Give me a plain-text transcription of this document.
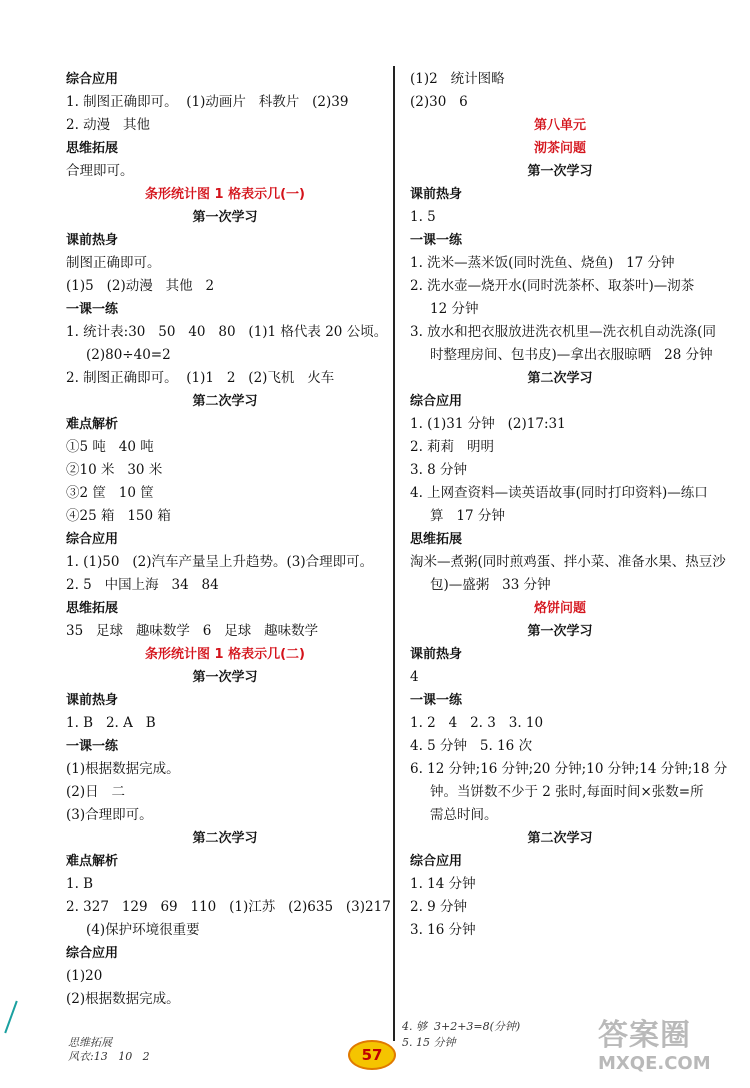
综合应用
1. 制图正确即可。  (1)动画片   科教片   (2)39
2. 动漫   其他
思维拓展
合理即可。
条形统计图 1 格表示几(一)
第一次学习
课前热身
制图正确即可。
(1)5   (2)动漫   其他   2
一课一练
1. 统计表:30   50   40   80   (1)1 格代表 20 公顷。
(2)80÷40=2
2. 制图正确即可。  (1)1   2   (2)飞机   火车
第二次学习
难点解析
①5 吨   40 吨
②10 米   30 米
③2 筐   10 筐
④25 箱   150 箱
综合应用
1. (1)50   (2)汽车产量呈上升趋势。(3)合理即可。
2. 5   中国上海   34   84
思维拓展
35   足球   趣味数学   6   足球   趣味数学
条形统计图 1 格表示几(二)
第一次学习
课前热身
1. B   2. A   B
一课一练
(1)根据数据完成。
(2)日   二
(3)合理即可。
第二次学习
难点解析
1. B
2. 327   129   69   110   (1)江苏   (2)635   (3)217
(4)保护环境很重要
综合应用
(1)20
(2)根据数据完成。
(1)2   统计图略
(2)30   6
第八单元
沏茶问题
第一次学习
课前热身
1. 5
一课一练
1. 洗米—蒸米饭(同时洗鱼、烧鱼)   17 分钟
2. 洗水壶—烧开水(同时洗茶杯、取茶叶)—沏茶
12 分钟
3. 放水和把衣服放进洗衣机里—洗衣机自动洗涤(同
时整理房间、包书皮)—拿出衣服晾晒   28 分钟
第二次学习
综合应用
1. (1)31 分钟   (2)17:31
2. 莉莉   明明
3. 8 分钟
4. 上网查资料—读英语故事(同时打印资料)—练口
算   17 分钟
思维拓展
淘米—煮粥(同时煎鸡蛋、拌小菜、准备水果、热豆沙
包)—盛粥   33 分钟
烙饼问题
第一次学习
课前热身
4
一课一练
1. 2   4   2. 3   3. 10
4. 5 分钟   5. 16 次
6. 12 分钟;16 分钟;20 分钟;10 分钟;14 分钟;18 分
钟。当饼数不少于 2 张时,每面时间×张数=所
需总时间。
第二次学习
综合应用
1. 14 分钟
2. 9 分钟
3. 16 分钟
思维拓展
风衣:13   10   2
4. 够  3+2+3=8(分钟)
5. 15 分钟
57
答案圈
MXQE.COM
